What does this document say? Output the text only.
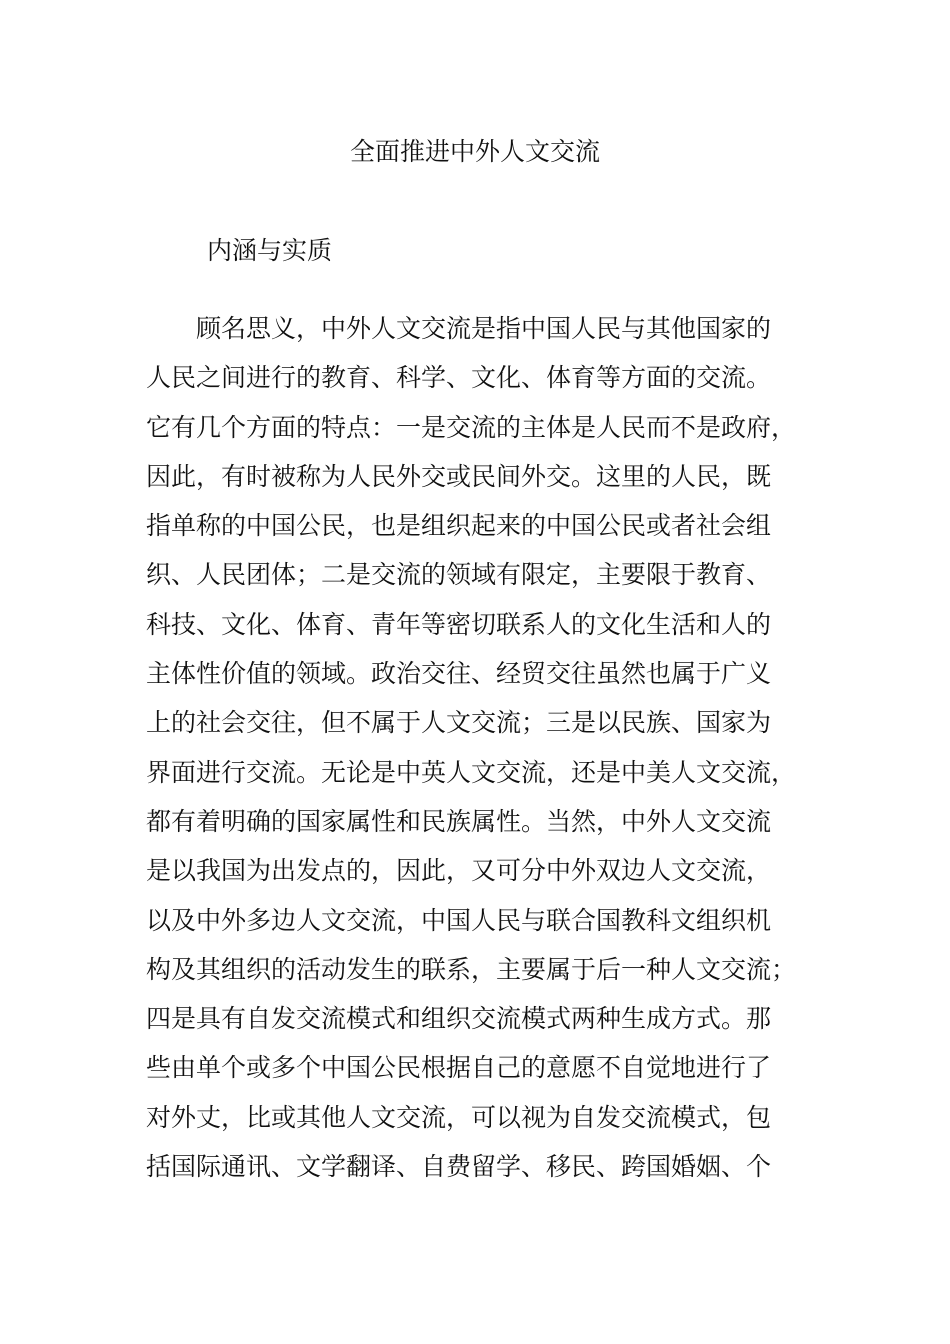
全面推进中外人文交流
内涵与实质
顾名思义，中外人文交流是指中国人民与其他国家的
人民之间进行的教育、科学、文化、体育等方面的交流。
它有几个方面的特点：一是交流的主体是人民而不是政府，
因此，有时被称为人民外交或民间外交。这里的人民，既
指单称的中国公民，也是组织起来的中国公民或者社会组
织、人民团体；二是交流的领域有限定，主要限于教育、
科技、文化、体育、青年等密切联系人的文化生活和人的
主体性价值的领域。政治交往、经贸交往虽然也属于广义
上的社会交往，但不属于人文交流；三是以民族、国家为
界面进行交流。无论是中英人文交流，还是中美人文交流，
都有着明确的国家属性和民族属性。当然，中外人文交流
是以我国为出发点的，因此，又可分中外双边人文交流，
以及中外多边人文交流，中国人民与联合国教科文组织机
构及其组织的活动发生的联系，主要属于后一种人文交流；
四是具有自发交流模式和组织交流模式两种生成方式。那
些由单个或多个中国公民根据自己的意愿不自觉地进行了
对外丈，比或其他人文交流，可以视为自发交流模式，包
括国际通讯、文学翻译、自费留学、移民、跨国婚姻、个
